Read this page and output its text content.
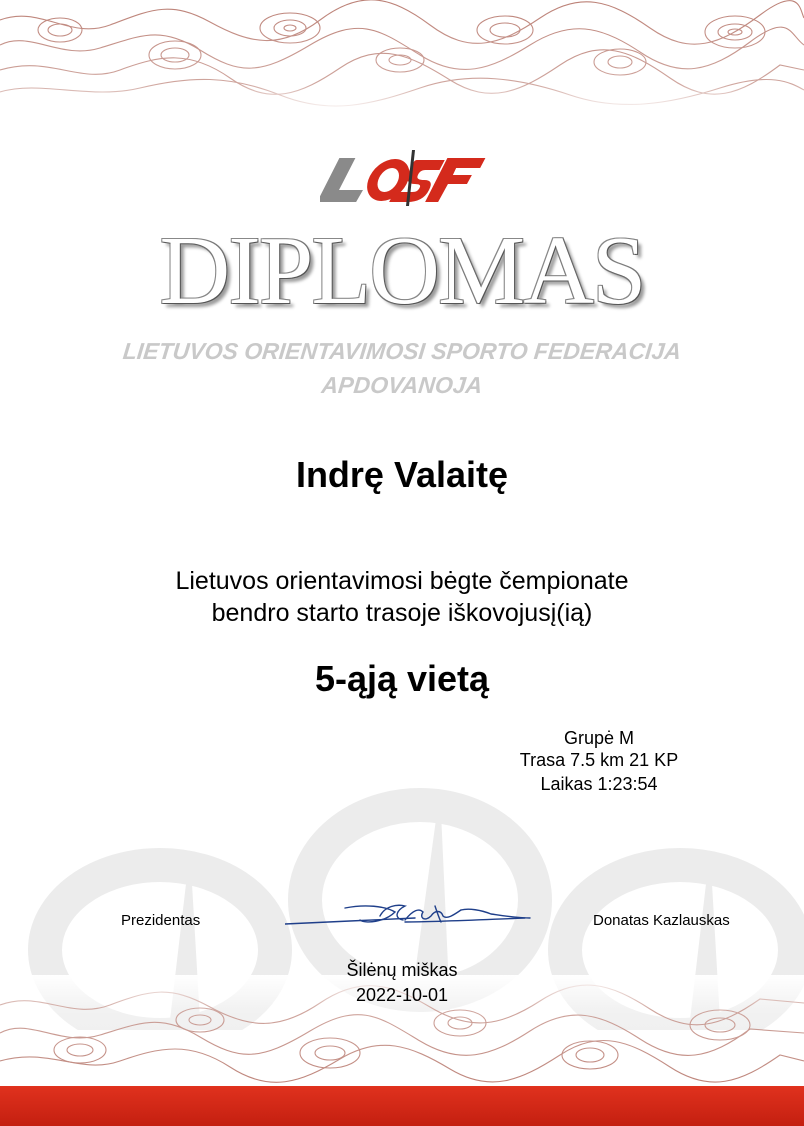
DIPLOMAS
LIETUVOS ORIENTAVIMOSI SPORTO FEDERACIJA
APDOVANOJA
Indrę Valaitę
Lietuvos orientavimosi bėgte čempionate
bendro starto trasoje iškovojusį(ią)
5-ąją vietą
Grupė M
Trasa 7.5 km 21 KP
Laikas 1:23:54
Prezidentas	Donatas Kazlauskas
Šilėnų miškas
2022-10-01
